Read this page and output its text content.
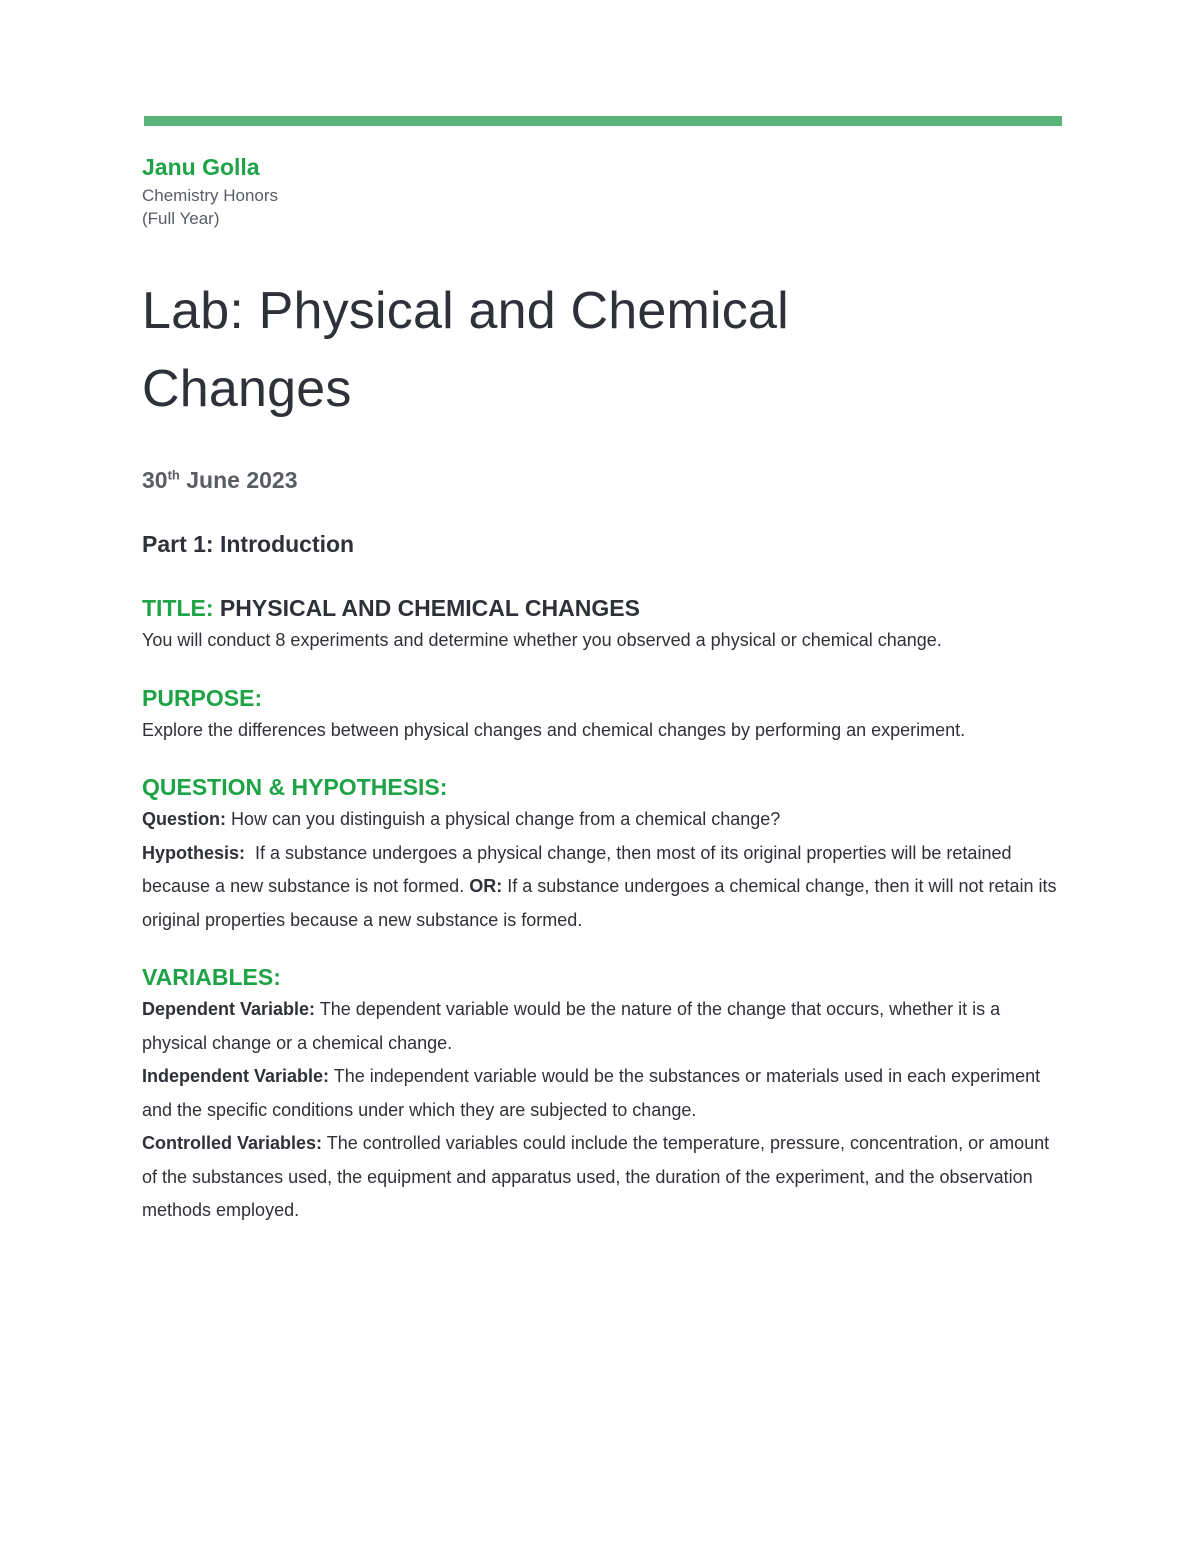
Janu Golla

Chemistry Honors

(Full Year)

Lab: Physical and Chemical
Changes

30th June 2023

Part 1: Introduction

TITLE: PHYSICAL AND CHEMICAL CHANGES

You will conduct 8 experiments and determine whether you observed a physical or chemical change.

PURPOSE:

Explore the differences between physical changes and chemical changes by performing an experiment.

QUESTION & HYPOTHESIS:

Question: How can you distinguish a physical change from a chemical change?

Hypothesis:  If a substance undergoes a physical change, then most of its original properties will be retained because a new substance is not formed. OR: If a substance undergoes a chemical change, then it will not retain its original properties because a new substance is formed.

VARIABLES:

Dependent Variable: The dependent variable would be the nature of the change that occurs, whether it is a physical change or a chemical change.

Independent Variable: The independent variable would be the substances or materials used in each experiment and the specific conditions under which they are subjected to change.

Controlled Variables: The controlled variables could include the temperature, pressure, concentration, or amount of the substances used, the equipment and apparatus used, the duration of the experiment, and the observation methods employed.
